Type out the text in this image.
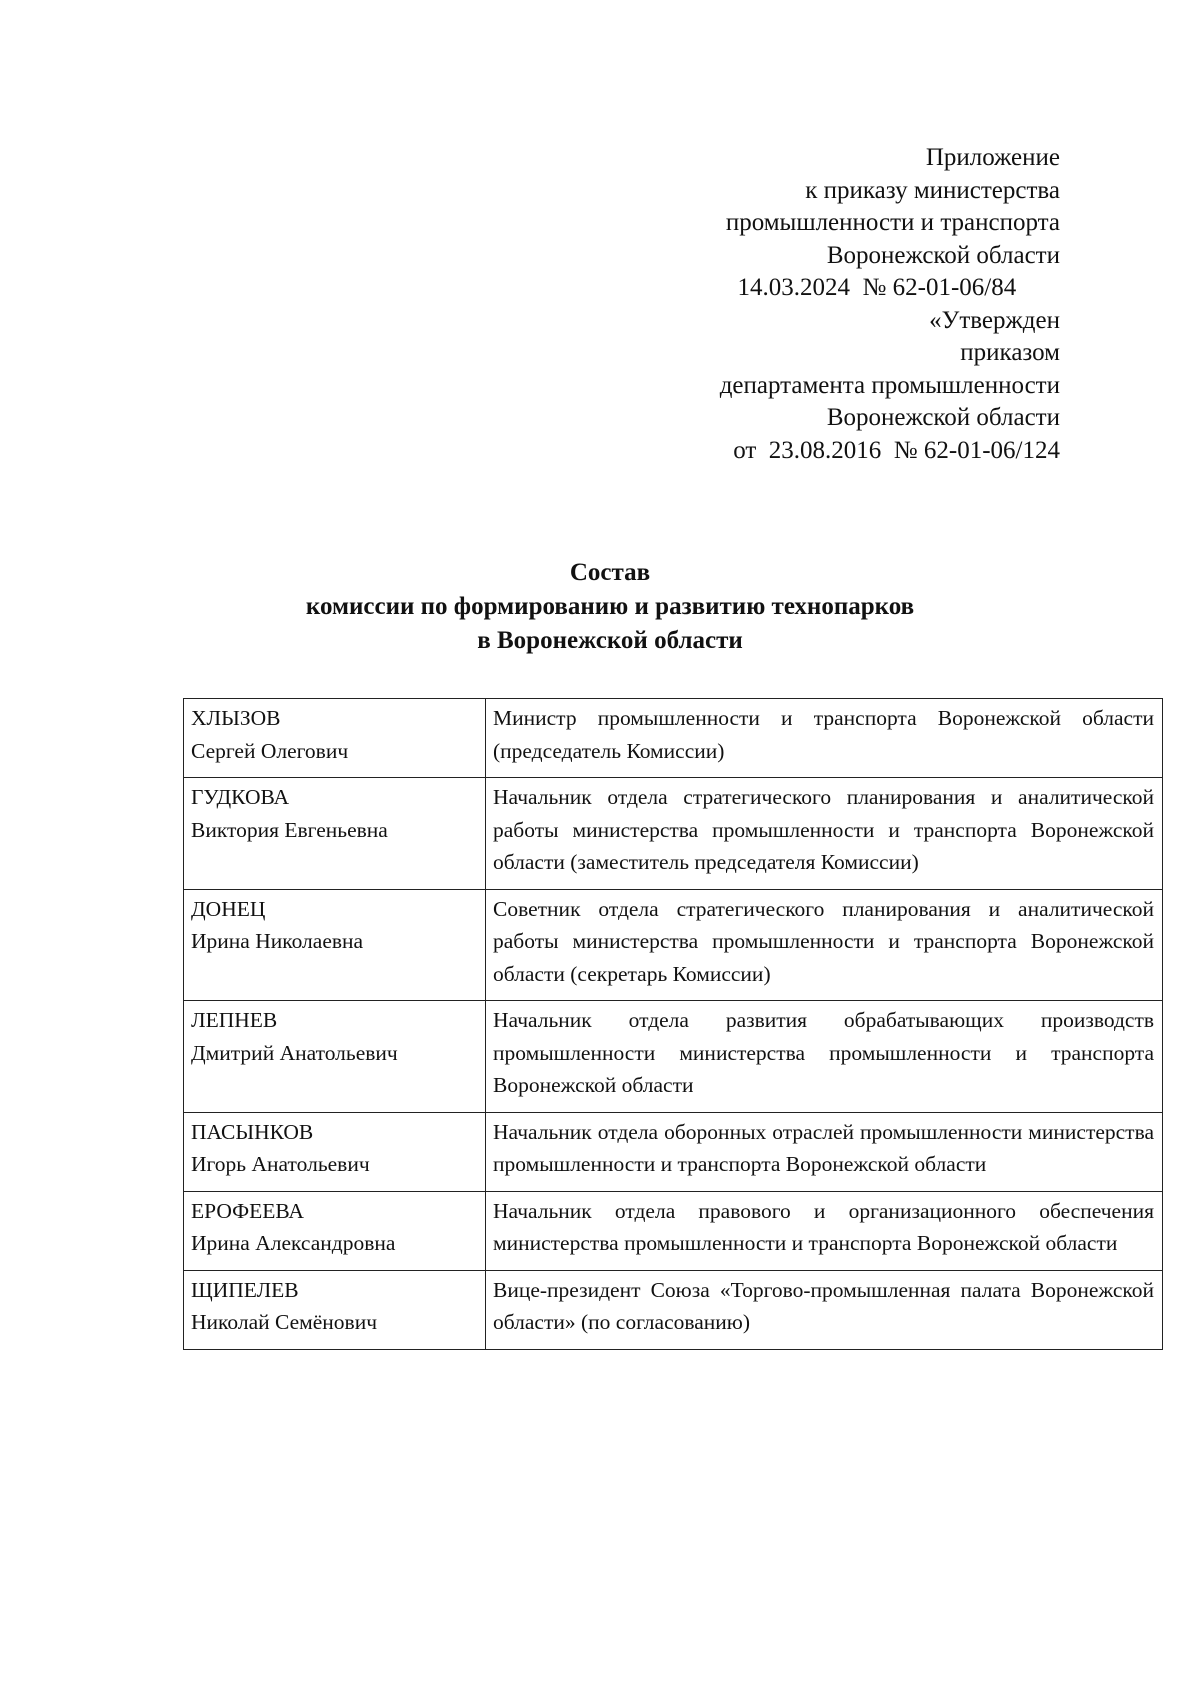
Приложение
к приказу министерства
промышленности и транспорта
Воронежской области
14.03.2024  № 62-01-06/84
«Утвержден
приказом
департамента промышленности
Воронежской области
от  23.08.2016  № 62-01-06/124
Состав
комиссии по формированию и развитию технопарков
в Воронежской области
ХЛЫЗОВ
Сергей Олегович	Министр промышленности и транспорта Воронежской области (председатель Комиссии)

ГУДКОВА
Виктория Евгеньевна	Начальник отдела стратегического планирования и аналитической работы министерства промышленности и транспорта Воронежской области (заместитель председателя Комиссии)

ДОНЕЦ
Ирина Николаевна	Советник отдела стратегического планирования и аналитической работы министерства промышленности и транспорта Воронежской области (секретарь Комиссии)

ЛЕПНЕВ
Дмитрий Анатольевич	Начальник отдела развития обрабатывающих производств промышленности министерства промышленности и транспорта Воронежской области

ПАСЫНКОВ
Игорь Анатольевич	Начальник отдела оборонных отраслей промышленности министерства промышленности и транспорта Воронежской области

ЕРОФЕЕВА
Ирина Александровна	Начальник отдела правового и организационного обеспечения министерства промышленности и транспорта Воронежской области

ЩИПЕЛЕВ
Николай Семёнович	Вице-президент Союза «Торгово-промышленная палата Воронежской области» (по согласованию)
